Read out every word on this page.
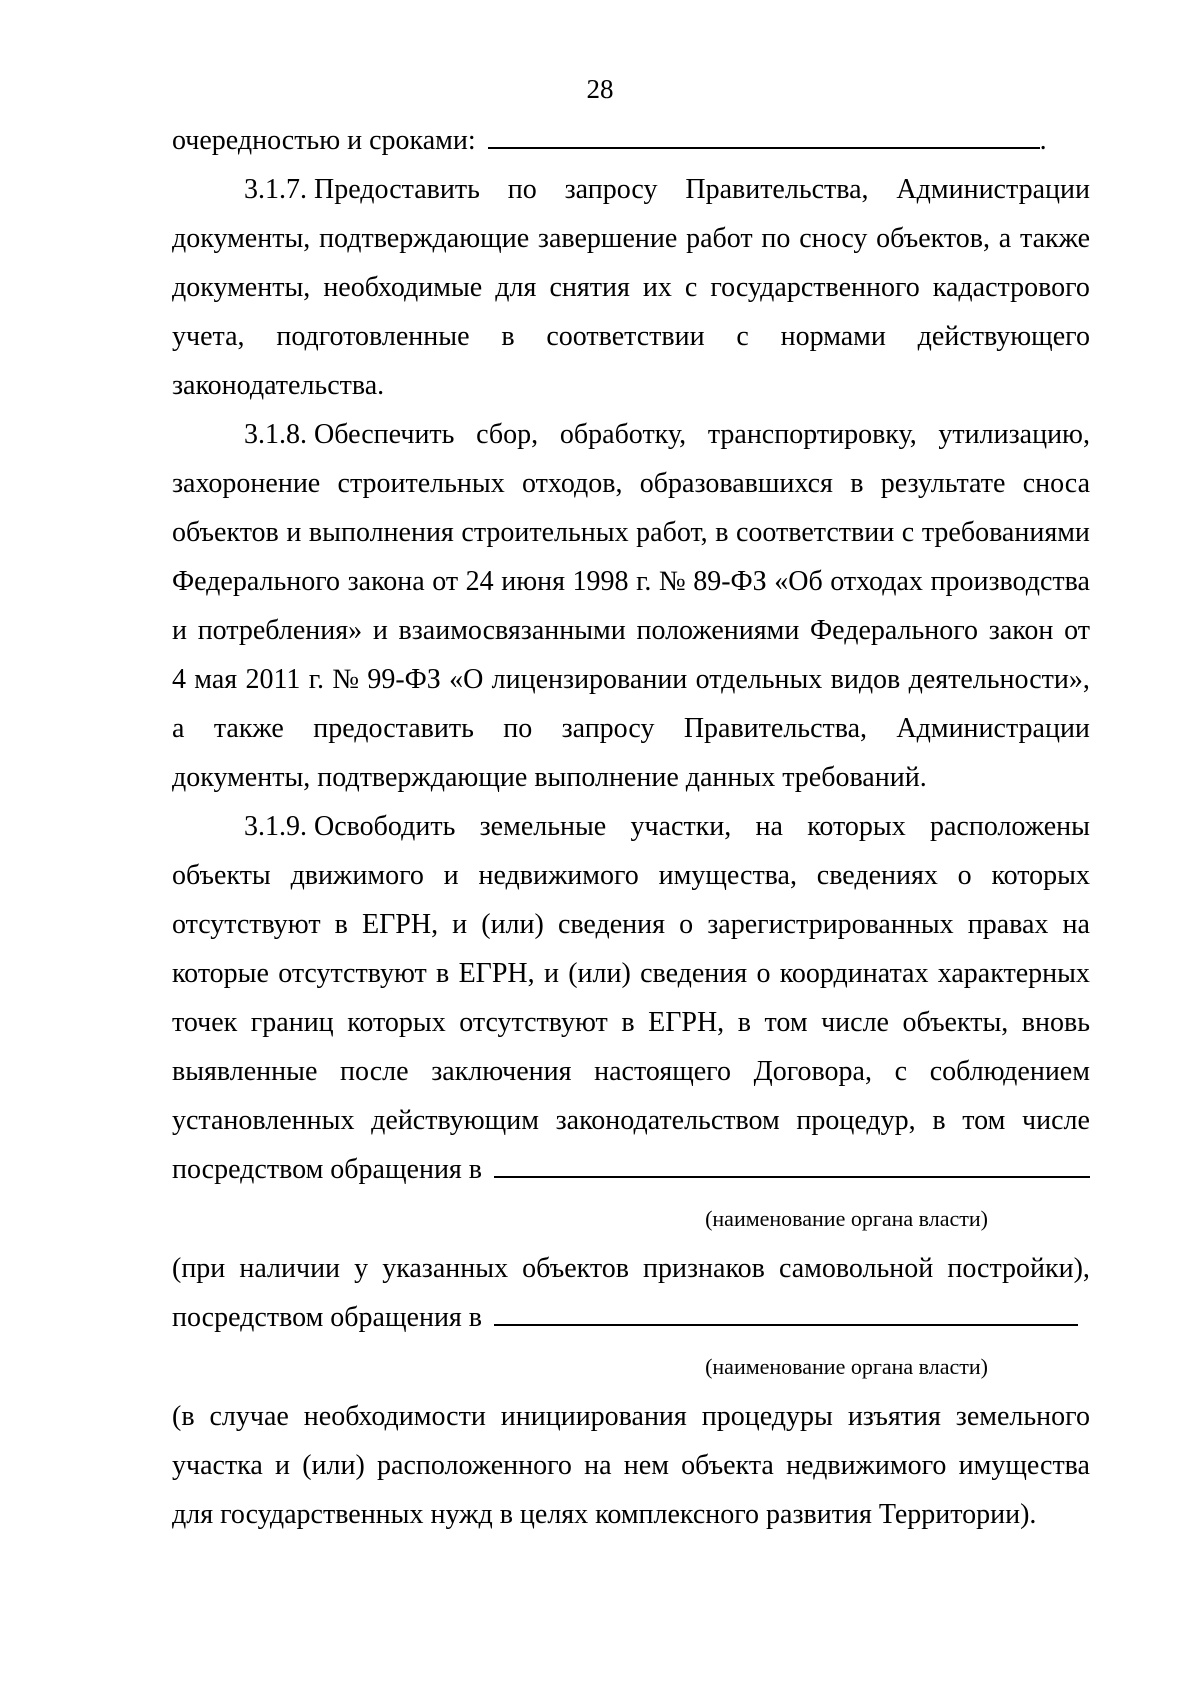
28
очередностью и сроками:	.
3.1.7. Предоставить по запросу Правительства, Администрации
документы, подтверждающие завершение работ по сносу объектов, а также
документы, необходимые для снятия их с государственного кадастрового
учета, подготовленные в соответствии с нормами действующего
законодательства.
3.1.8. Обеспечить сбор, обработку, транспортировку, утилизацию,
захоронение строительных отходов, образовавшихся в результате сноса
объектов и выполнения строительных работ, в соответствии с требованиями
Федерального закона от 24 июня 1998 г. № 89-ФЗ «Об отходах производства
и потребления» и взаимосвязанными положениями Федерального закон от
4 мая 2011 г. № 99-ФЗ «О лицензировании отдельных видов деятельности»,
а также предоставить по запросу Правительства, Администрации
документы, подтверждающие выполнение данных требований.
3.1.9. Освободить земельные участки, на которых расположены
объекты движимого и недвижимого имущества, сведениях о которых
отсутствуют в ЕГРН, и (или) сведения о зарегистрированных правах на
которые отсутствуют в ЕГРН, и (или) сведения о координатах характерных
точек границ которых отсутствуют в ЕГРН, в том числе объекты, вновь
выявленные после заключения настоящего Договора, с соблюдением
установленных действующим законодательством процедур, в том числе
посредством обращения в
(наименование органа власти)
(при наличии у указанных объектов признаков самовольной постройки),
посредством обращения в
(наименование органа власти)
(в случае необходимости инициирования процедуры изъятия земельного
участка и (или) расположенного на нем объекта недвижимого имущества
для государственных нужд в целях комплексного развития Территории).
